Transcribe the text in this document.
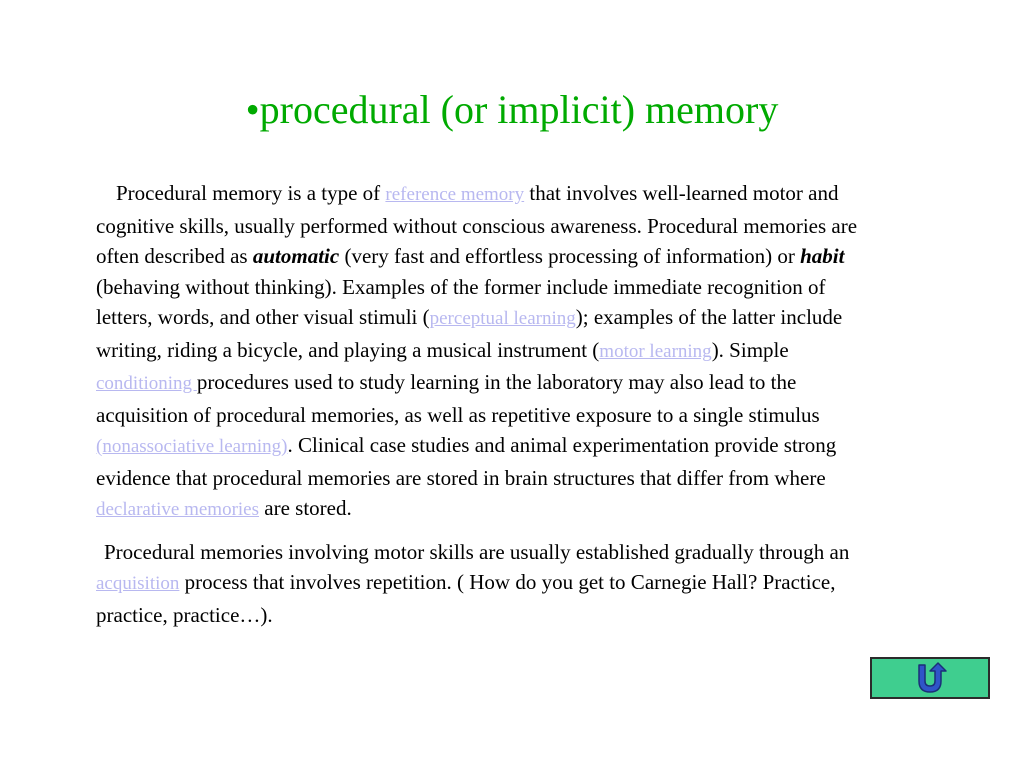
•procedural (or implicit) memory

Procedural memory is a type of reference memory that involves well-learned motor and cognitive skills, usually performed without conscious awareness. Procedural memories are often described as automatic (very fast and effortless processing of information) or habit (behaving without thinking). Examples of the former include immediate recognition of letters, words, and other visual stimuli (perceptual learning); examples of the latter include writing, riding a bicycle, and playing a musical instrument (motor learning). Simple conditioning procedures used to study learning in the laboratory may also lead to the acquisition of procedural memories, as well as repetitive exposure to a single stimulus (nonassociative learning). Clinical case studies and animal experimentation provide strong evidence that procedural memories are stored in brain structures that differ from where declarative memories are stored.

Procedural memories involving motor skills are usually established gradually through an acquisition process that involves repetition. ( How do you get to Carnegie Hall? Practice, practice, practice…).
